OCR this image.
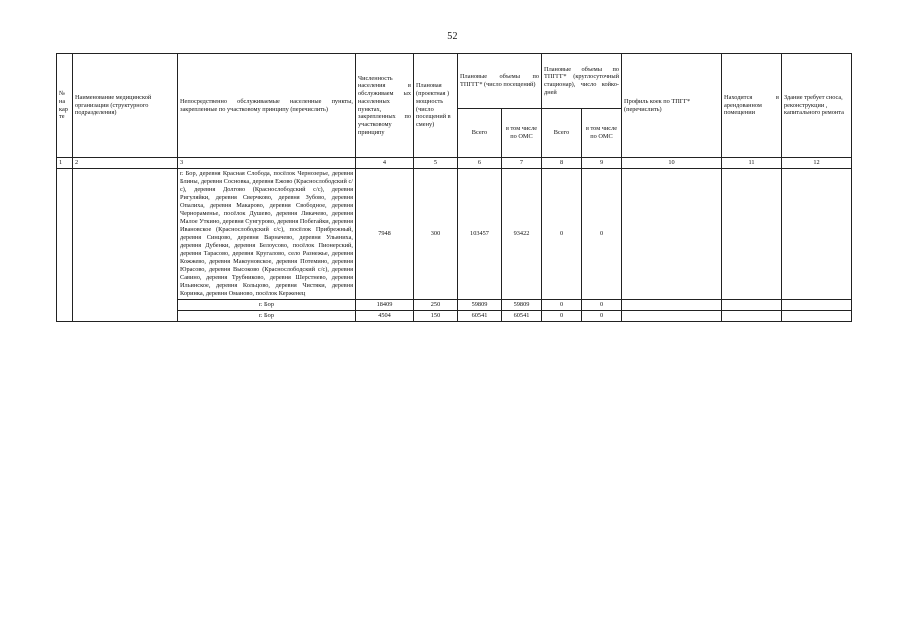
52
№ на кар те	Наименование медицинской организации (структурного подразделения)	Непосредственно обслуживаемые населенные пункты, закрепленные по участковому принципу (перечислить)	Численность населения в обслуживаем ых населенных пунктах, закрепленных по участковому принципу	Плановая (проектная ) мощность (число посещений в смену)	Плановые объемы по ТПГГГ* (число посещений)		Плановые объемы по ТПГГГ* (круглосуточный стационар), число койко-дней		Профиль коек по ТПГГ* (перечислить)	Находится в арендованном помещении	Здание требует сноса, реконструкции , капитального ремонта
					Всего	в том числе по ОМС	Всего	в том числе по ОМС			
1	2	3	4	5	6	7	8	9	10	11	12
		г. Бор, деревня Красная Слобода, посёлок Чернозерье, деревня Блины, деревня Сосновка, деревня Ежово (Краснослободский с/с), деревня Долгово (Краснослободский с/с), деревня Ригуляйки, деревня Сверчково, деревня Зубово, деревня Опалиха, деревня Макарово, деревня Свободное, деревня Чернораменье, посёлок Душево, деревня Ликачево, деревня Малое Уткино, деревня Сунгурово, деревня Побегайки, деревня Ивановское (Краснослободский с/с), посёлок Прибрежный, деревня Синцово, деревня Варначево, деревня Ульяниха, деревня Дубенки, деревня Белоусово, посёлок Пионерский, деревня Тарасово, деревня Кругалово, село Разнежье, деревня Кожжево, деревня Макоуновское, деревня Потемино, деревня Юрасово, деревня Высоково (Краснослободский с/с), деревня Савино, деревня Трубниково, деревня Шерстнево, деревня Ильинское, деревня Кольцово, деревня Чистяки, деревня Коринка, деревня Оманово, посёлок Керженец	7948	300	103457	93422	0	0			
		г. Бор	18409	250	59809	59809	0	0			
		г. Бор	4504	150	60541	60541	0	0			
